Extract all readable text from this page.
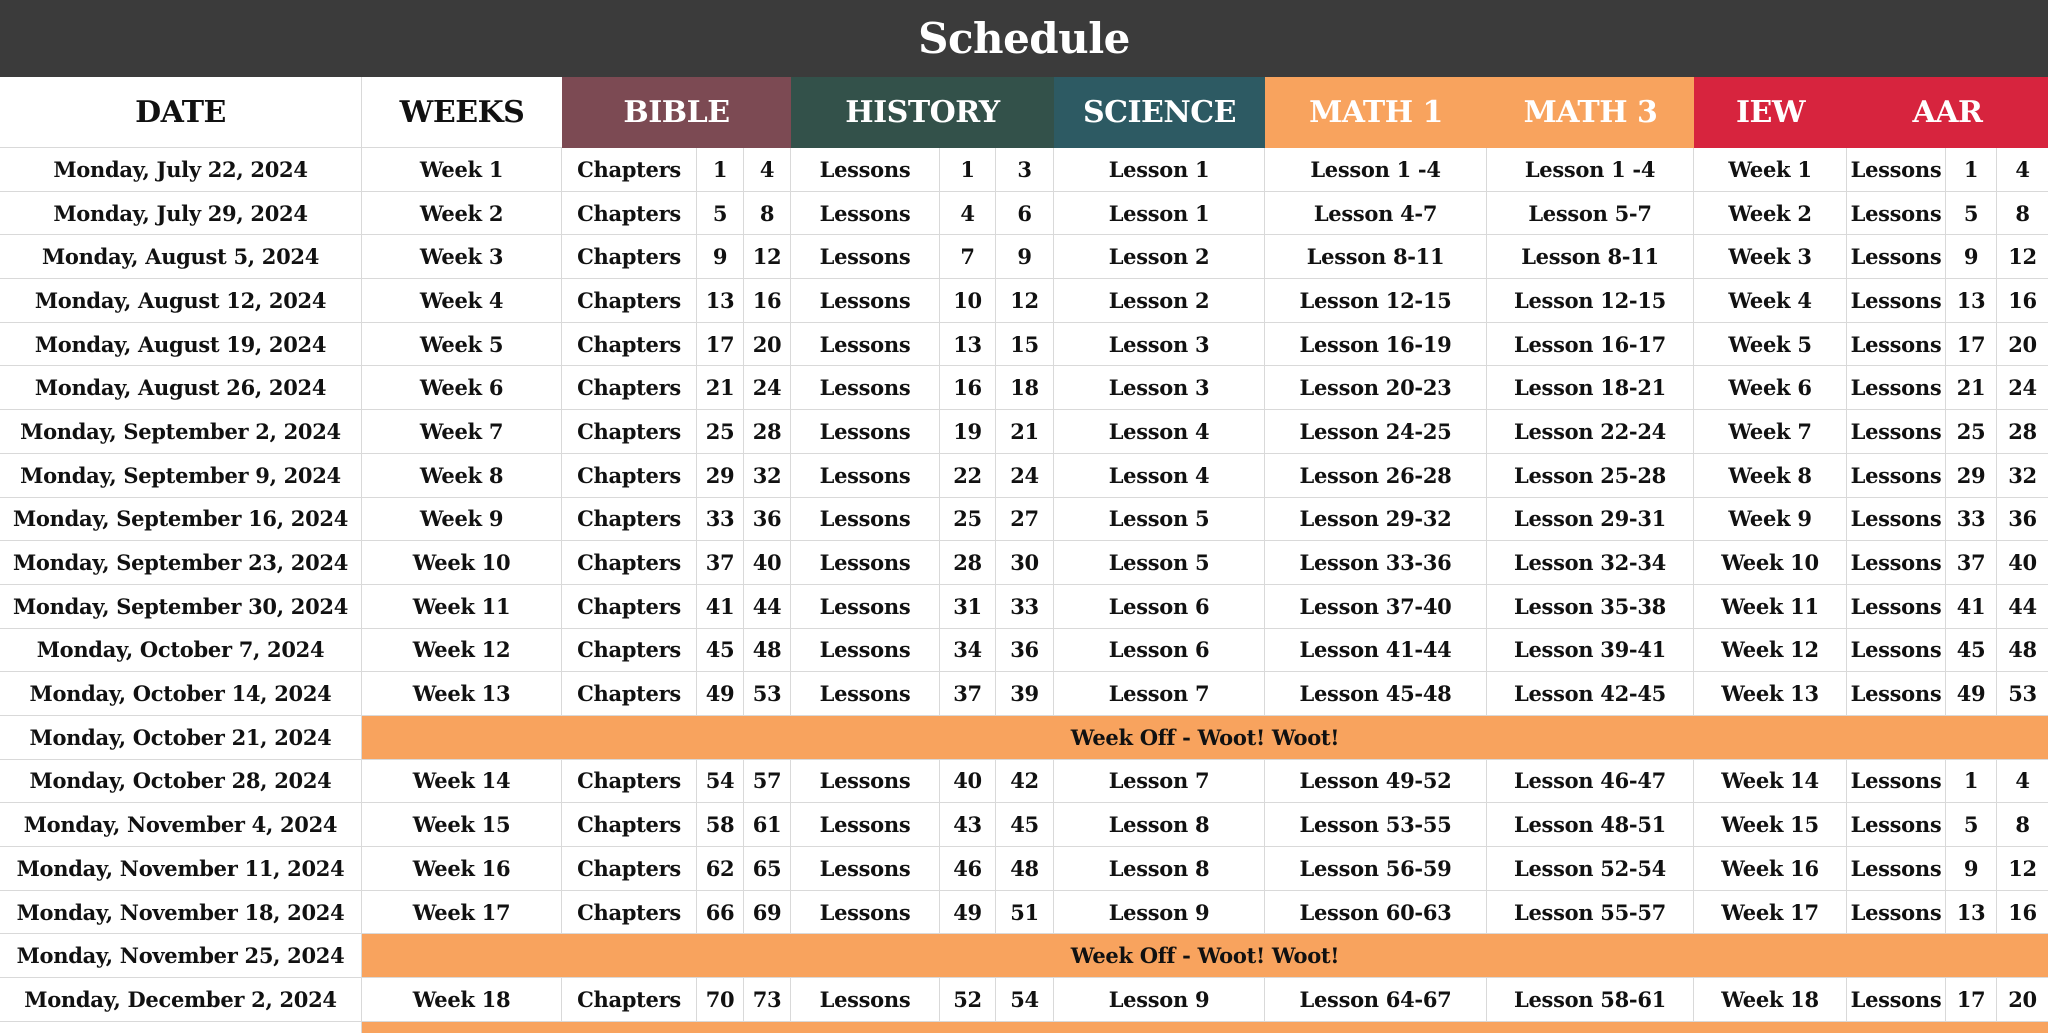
Schedule
DATE	WEEKS	BIBLE	HISTORY	SCIENCE	MATH 1	MATH 3	IEW	AAR
Monday, July 22, 2024	Week 1	Chapters	1	4	Lessons	1	3	Lesson 1	Lesson 1 -4	Lesson 1 -4	Week 1	Lessons	1	4
Monday, July 29, 2024	Week 2	Chapters	5	8	Lessons	4	6	Lesson 1	Lesson 4-7	Lesson 5-7	Week 2	Lessons	5	8
Monday, August 5, 2024	Week 3	Chapters	9	12	Lessons	7	9	Lesson 2	Lesson 8-11	Lesson 8-11	Week 3	Lessons	9	12
Monday, August 12, 2024	Week 4	Chapters	13 16	Lessons	10	12	Lesson 2	Lesson 12-15	Lesson 12-15	Week 4	Lessons 13	16
Monday, August 19, 2024	Week 5	Chapters	17 20	Lessons	13	15	Lesson 3	Lesson 16-19	Lesson 16-17	Week 5	Lessons 17	20
Monday, August 26, 2024	Week 6	Chapters	21 24	Lessons	16	18	Lesson 3	Lesson 20-23	Lesson 18-21	Week 6	Lessons 21	24
Monday, September 2, 2024	Week 7	Chapters	25 28	Lessons	19	21	Lesson 4	Lesson 24-25	Lesson 22-24	Week 7	Lessons 25	28
Monday, September 9, 2024	Week 8	Chapters	29 32	Lessons	22	24	Lesson 4	Lesson 26-28	Lesson 25-28	Week 8	Lessons 29	32
Monday, September 16, 2024	Week 9	Chapters	33 36	Lessons	25	27	Lesson 5	Lesson 29-32	Lesson 29-31	Week 9	Lessons 33	36
Monday, September 23, 2024	Week 10	Chapters	37 40	Lessons	28	30	Lesson 5	Lesson 33-36	Lesson 32-34	Week 10	Lessons 37	40
Monday, September 30, 2024	Week 11	Chapters	41 44	Lessons	31	33	Lesson 6	Lesson 37-40	Lesson 35-38	Week 11	Lessons 41	44
Monday, October 7, 2024	Week 12	Chapters	45 48	Lessons	34	36	Lesson 6	Lesson 41-44	Lesson 39-41	Week 12	Lessons 45	48
Monday, October 14, 2024	Week 13	Chapters	49 53	Lessons	37	39	Lesson 7	Lesson 45-48	Lesson 42-45	Week 13	Lessons 49	53
Monday, October 21, 2024	Week Off - Woot! Woot!
Monday, October 28, 2024	Week 14	Chapters	54 57	Lessons	40	42	Lesson 7	Lesson 49-52	Lesson 46-47	Week 14	Lessons	1	4
Monday, November 4, 2024	Week 15	Chapters	58 61	Lessons	43	45	Lesson 8	Lesson 53-55	Lesson 48-51	Week 15	Lessons	5	8
Monday, November 11, 2024	Week 16	Chapters	62 65	Lessons	46	48	Lesson 8	Lesson 56-59	Lesson 52-54	Week 16	Lessons	9	12
Monday, November 18, 2024	Week 17	Chapters	66 69	Lessons	49	51	Lesson 9	Lesson 60-63	Lesson 55-57	Week 17	Lessons 13	16
Monday, November 25, 2024	Week Off - Woot! Woot!
Monday, December 2, 2024	Week 18	Chapters	70 73	Lessons	52	54	Lesson 9	Lesson 64-67	Lesson 58-61	Week 18	Lessons 17	20
